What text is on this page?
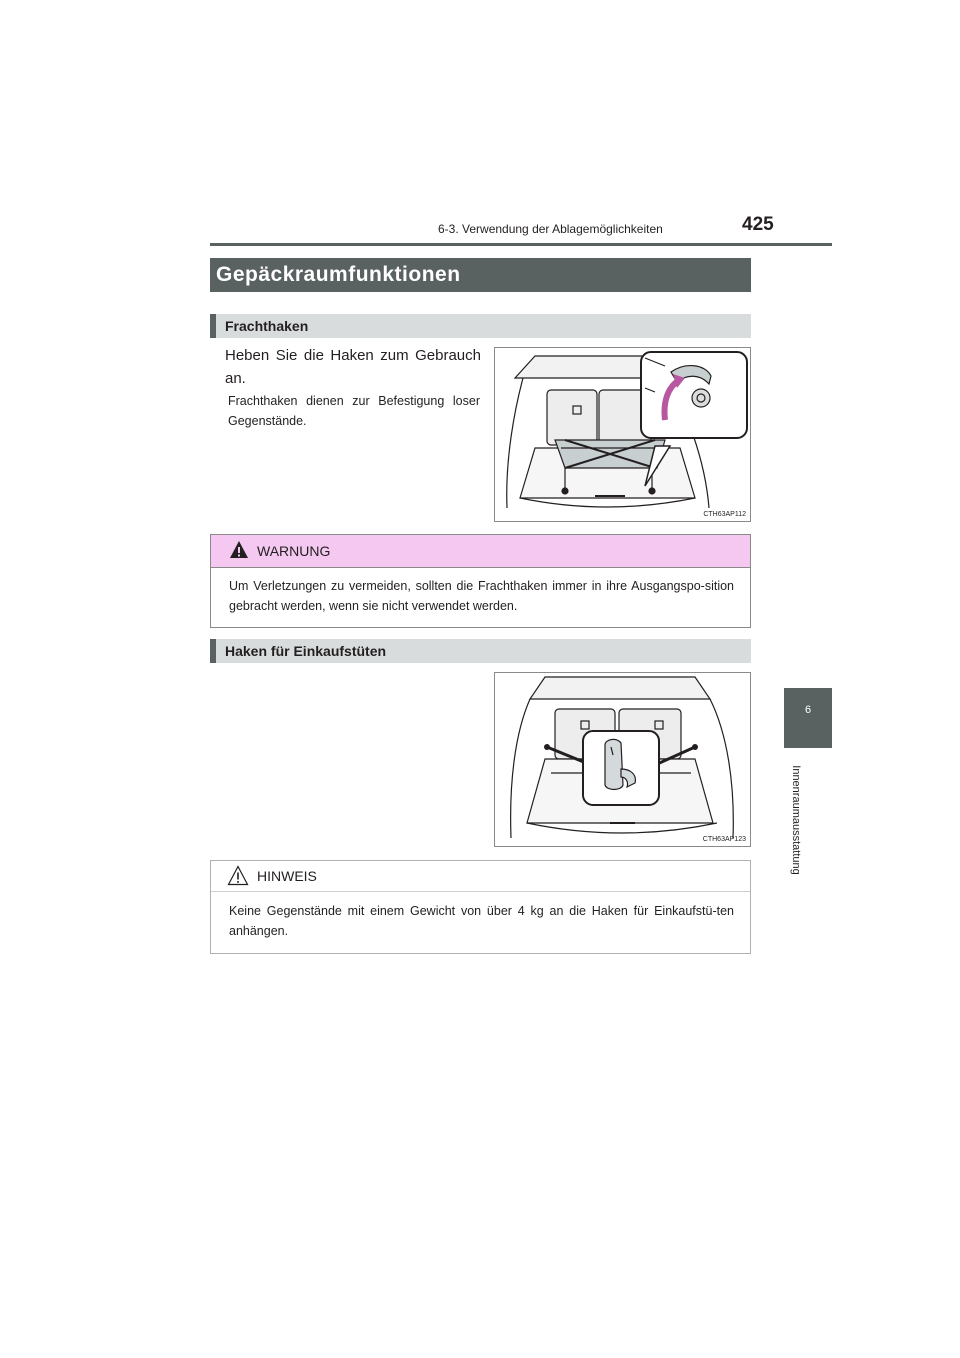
6-3. Verwendung der Ablagemöglichkeiten	425
6
Innenraumausstattung
Gepäckraumfunktionen
Frachthaken
Heben Sie die Haken zum Gebrauch an.
Frachthaken dienen zur Befestigung loser Gegenstände.
CTH63AP112
WARNUNG
Um Verletzungen zu vermeiden, sollten die Frachthaken immer in ihre Ausgangspo-sition gebracht werden, wenn sie nicht verwendet werden.
Haken für Einkaufstüten
CTH63AP123
HINWEIS
Keine Gegenstände mit einem Gewicht von über 4 kg an die Haken für Einkaufstü-ten anhängen.
